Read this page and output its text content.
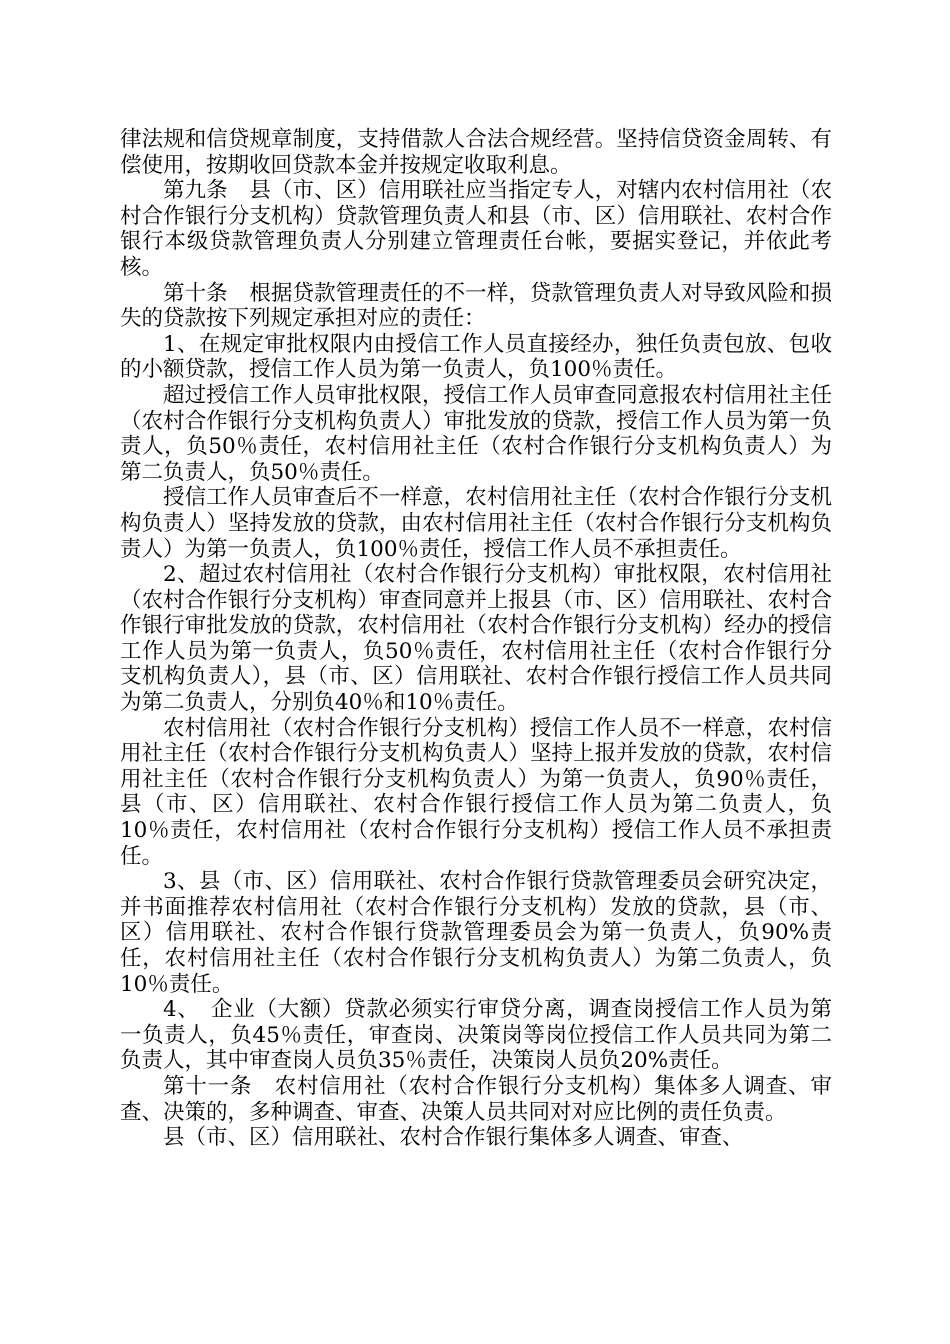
律法规和信贷规章制度，支持借款人合法合规经营。坚持信贷资金周转、有偿使用，按期收回贷款本金并按规定收取利息。

第九条　县（市、区）信用联社应当指定专人，对辖内农村信用社（农村合作银行分支机构）贷款管理负责人和县（市、区）信用联社、农村合作银行本级贷款管理负责人分别建立管理责任台帐，要据实登记，并依此考核。

第十条　根据贷款管理责任的不一样，贷款管理负责人对导致风险和损失的贷款按下列规定承担对应的责任：

1、在规定审批权限内由授信工作人员直接经办，独任负责包放、包收的小额贷款，授信工作人员为第一负责人，负100％责任。

超过授信工作人员审批权限，授信工作人员审查同意报农村信用社主任（农村合作银行分支机构负责人）审批发放的贷款，授信工作人员为第一负责人，负50％责任，农村信用社主任（农村合作银行分支机构负责人）为第二负责人，负50％责任。

授信工作人员审查后不一样意，农村信用社主任（农村合作银行分支机构负责人）坚持发放的贷款，由农村信用社主任（农村合作银行分支机构负责人）为第一负责人，负100％责任，授信工作人员不承担责任。

2、超过农村信用社（农村合作银行分支机构）审批权限，农村信用社（农村合作银行分支机构）审查同意并上报县（市、区）信用联社、农村合作银行审批发放的贷款，农村信用社（农村合作银行分支机构）经办的授信工作人员为第一负责人，负50％责任，农村信用社主任（农村合作银行分支机构负责人），县（市、区）信用联社、农村合作银行授信工作人员共同为第二负责人，分别负40％和10％责任。

农村信用社（农村合作银行分支机构）授信工作人员不一样意，农村信用社主任（农村合作银行分支机构负责人）坚持上报并发放的贷款，农村信用社主任（农村合作银行分支机构负责人）为第一负责人，负90％责任，县（市、区）信用联社、农村合作银行授信工作人员为第二负责人，负10％责任，农村信用社（农村合作银行分支机构）授信工作人员不承担责任。

3、县（市、区）信用联社、农村合作银行贷款管理委员会研究决定，并书面推荐农村信用社（农村合作银行分支机构）发放的贷款，县（市、区）信用联社、农村合作银行贷款管理委员会为第一负责人，负90%责任，农村信用社主任（农村合作银行分支机构负责人）为第二负责人，负10％责任。

4、　企业（大额）贷款必须实行审贷分离，调查岗授信工作人员为第一负责人，负45％责任，审查岗、决策岗等岗位授信工作人员共同为第二负责人，其中审查岗人员负35％责任，决策岗人员负20%责任。

第十一条　农村信用社（农村合作银行分支机构）集体多人调查、审查、决策的，多种调查、审查、决策人员共同对对应比例的责任负责。

县（市、区）信用联社、农村合作银行集体多人调查、审查、
